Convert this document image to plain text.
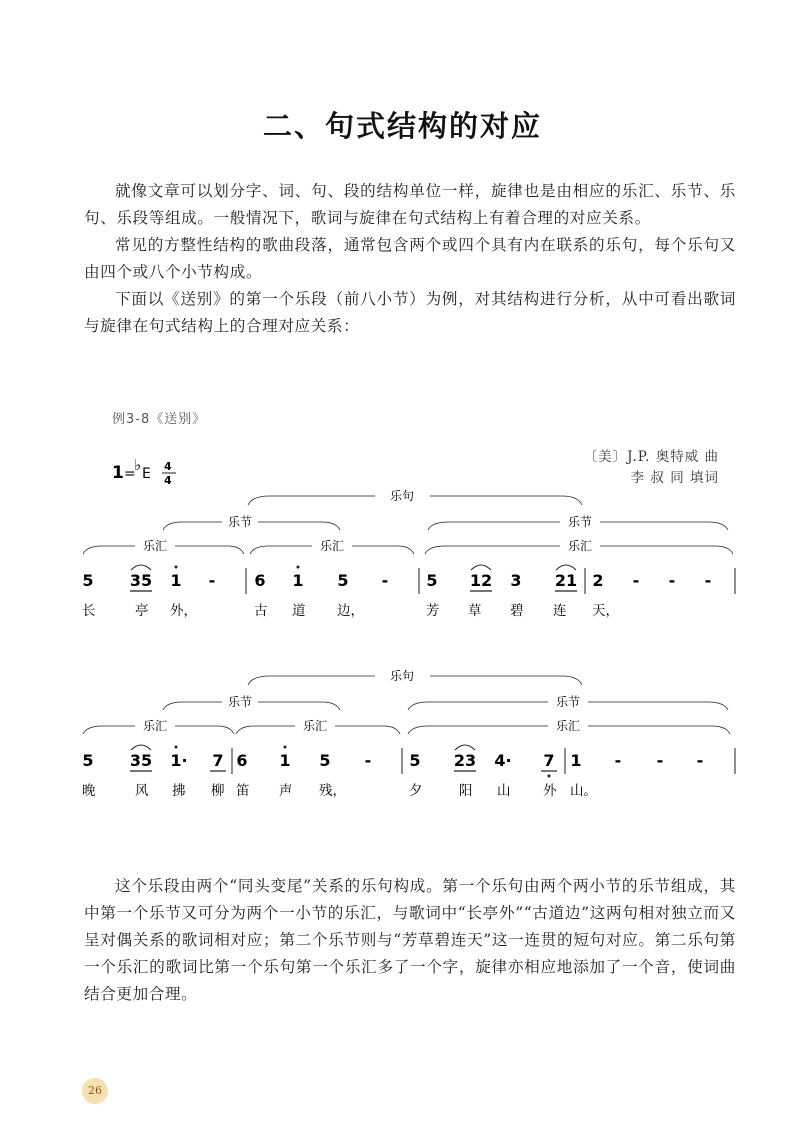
二、句式结构的对应

就像文章可以划分字、词、句、段的结构单位一样，旋律也是由相应的乐汇、乐节、乐句、乐段等组成。一般情况下，歌词与旋律在句式结构上有着合理的对应关系。

常见的方整性结构的歌曲段落，通常包含两个或四个具有内在联系的乐句，每个乐句又由四个或八个小节构成。

下面以《送别》的第一个乐段（前八小节）为例，对其结构进行分析，从中可看出歌词与旋律在句式结构上的合理对应关系：

例3-8《送别》
〔美〕J.P. 奥特威 曲
李 叔 同 填词
1 =
♭ E 4
4
乐句
乐节	乐节
乐汇	乐汇	乐汇
5 35 1 - 6 1 5 - 5 12 3 21 2 - - -
长	亭 外，	古 道 边，	芳 草 碧 连 天，
乐句
乐节	乐节
乐汇	乐汇	乐汇
5 35 1· 7 6 1 5 - 5 23 4· 7 1 - - -
晚	风 拂 柳 笛 声 残，	夕	阳 山 外 山。

这个乐段由两个“同头变尾”关系的乐句构成。第一个乐句由两个两小节的乐节组成，其中第一个乐节又可分为两个一小节的乐汇，与歌词中“长亭外”“古道边”这两句相对独立而又呈对偶关系的歌词相对应；第二个乐节则与“芳草碧连天”这一连贯的短句对应。第二乐句第一个乐汇的歌词比第一个乐句第一个乐汇多了一个字，旋律亦相应地添加了一个音，使词曲结合更加合理。

26
